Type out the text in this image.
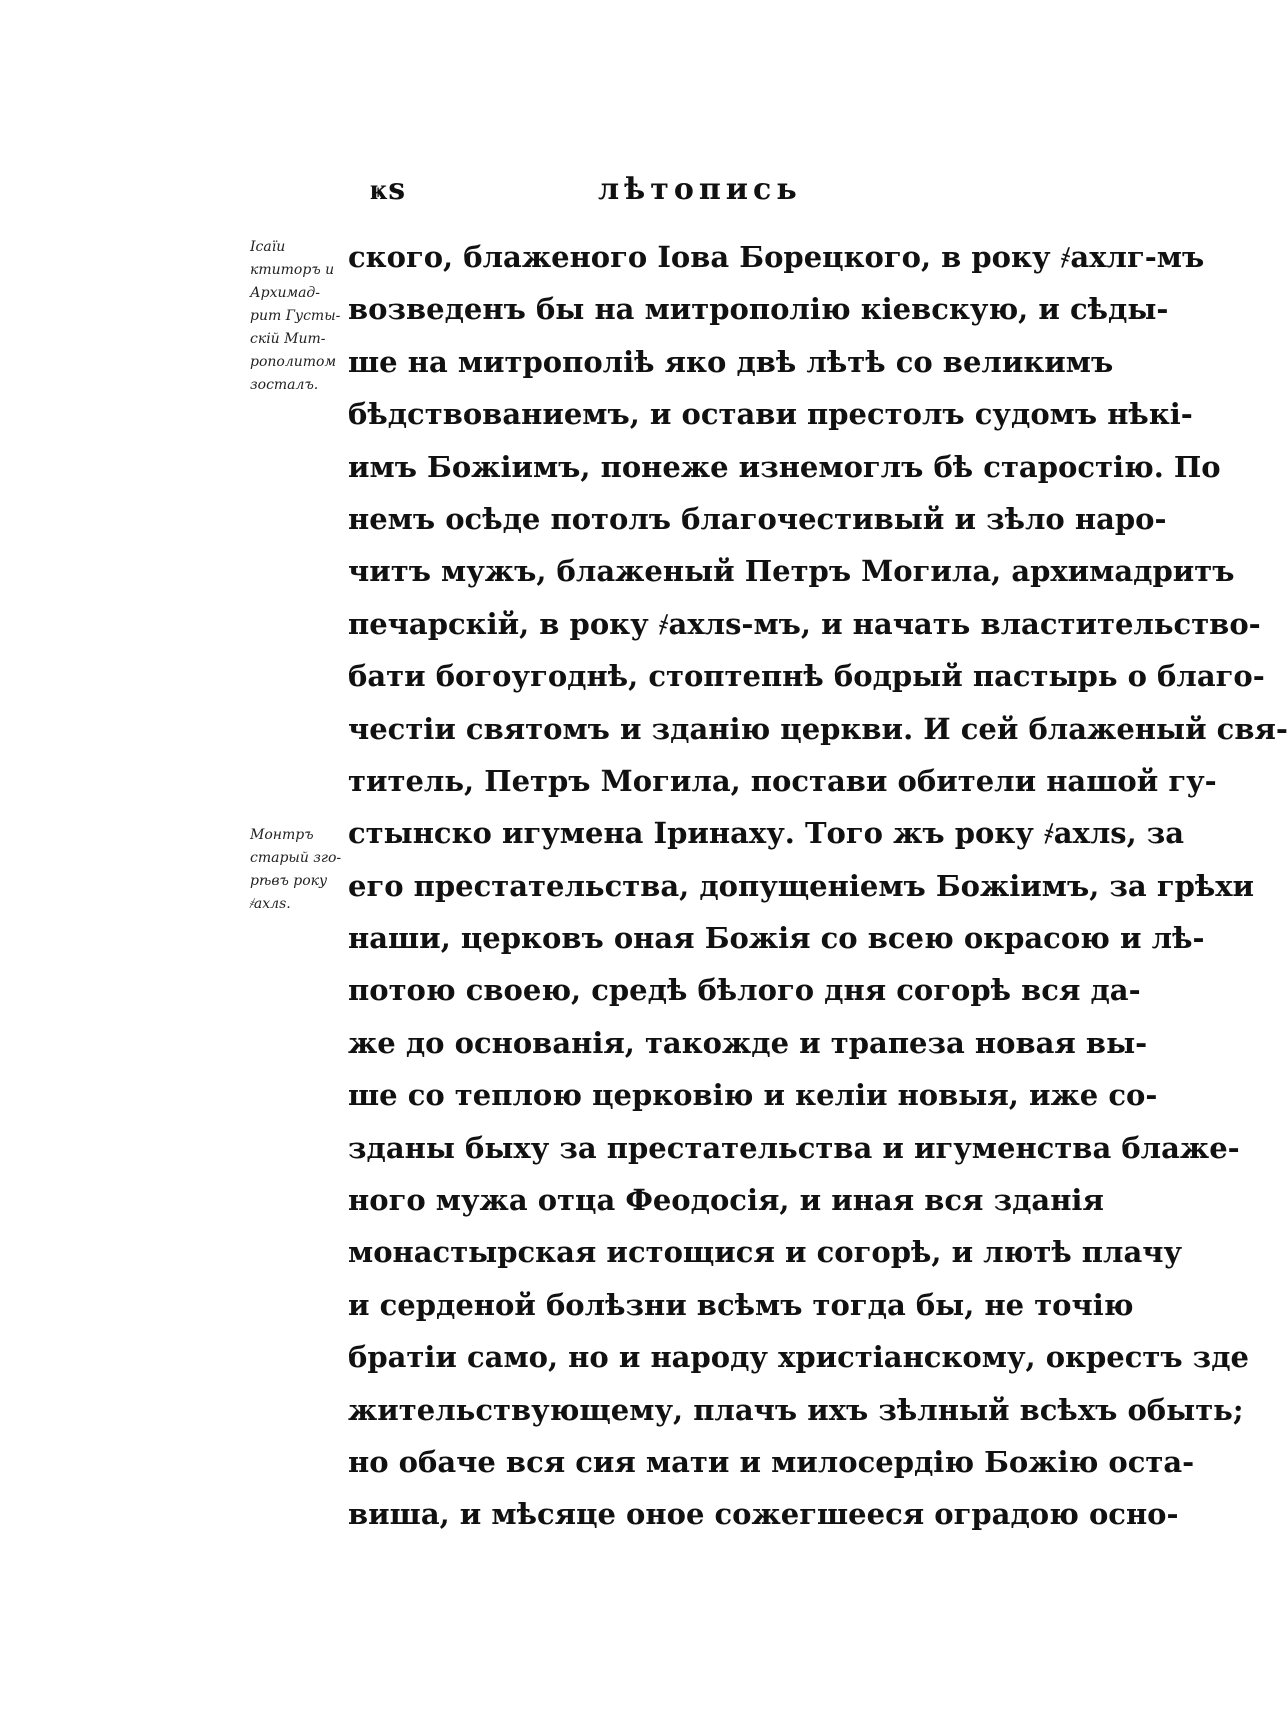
ҝѕ	лѣтопись
Ісаїи
ктиторъ и
Архимад-
рит Густы-
скій Мит-
рополитом
зосталъ.
Монтръ
старый зго-
рѣвъ року
҂ахлѕ.
ского, блаженого Іова Борецкого, в року ҂ахлг-мъ
возведенъ бы на митрополію кіевскую, и сѣды-
ше на митрополіѣ яко двѣ лѣтѣ со великимъ
бѣдствованиемъ, и остави престолъ судомъ нѣкі-
имъ Божіимъ, понеже изнемоглъ бѣ старостію. По
немъ осѣде потолъ благочестивый и зѣло наро-
читъ мужъ, блаженый Петръ Могила, архимадритъ
печарскій, в року ҂ахлѕ-мъ, и начать властительство-
бати богоугоднѣ, стоптепнѣ бодрый пастырь о благо-
честіи святомъ и зданію церкви. И сей блаженый свя-
титель, Петръ Могила, постави обители нашой гу-
стынско игумена Іринаху. Того жъ року ҂ахлѕ, за
его престательства, допущеніемъ Божіимъ, за грѣхи
наши, церковъ оная Божія со всею окрасою и лѣ-
потою своею, средѣ бѣлого дня согорѣ вся да-
же до основанія, такожде и трапеза новая вы-
ше со теплою церковію и келіи новыя, иже со-
зданы быху за престательства и игуменства блаже-
ного мужа отца Феодосія, и иная вся зданія
монастырская истощися и согорѣ, и лютѣ плачу
и серденой болѣзни всѣмъ тогда бы, не точію
братіи само, но и народу христіанскому, окрестъ зде
жительствующему, плачъ ихъ зѣлный всѣхъ обыть;
но обаче вся сия мати и милосердію Божію оста-
виша, и мѣсяце оное сожегшееся оградою осно-
